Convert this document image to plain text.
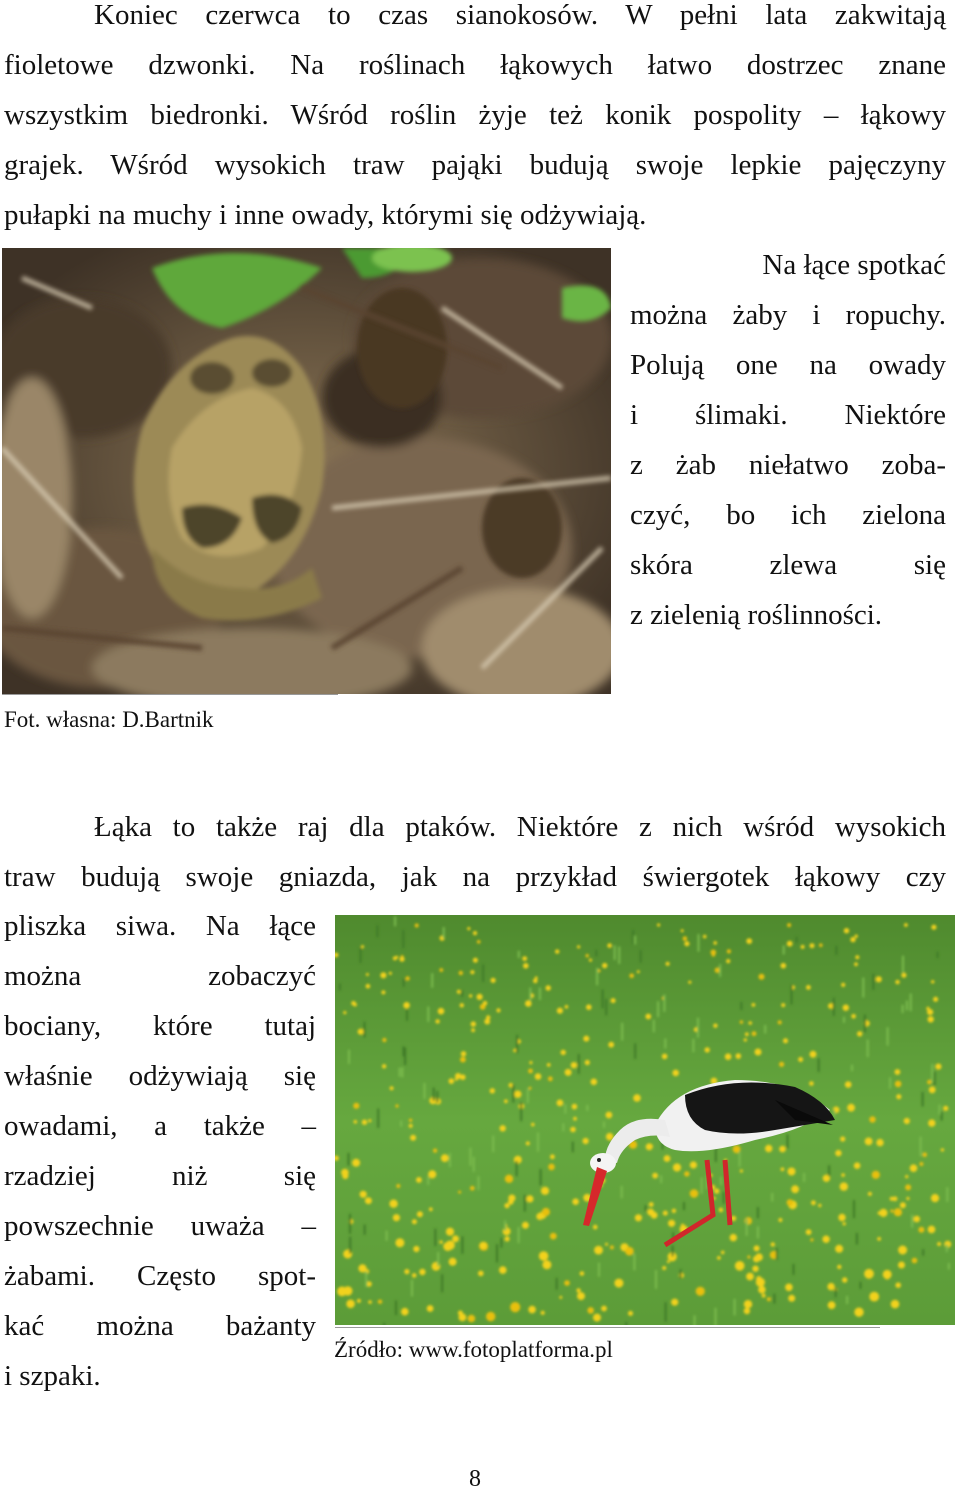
Koniec czerwca to czas sianokosów. W pełni lata zakwitają
fioletowe dzwonki. Na roślinach łąkowych łatwo dostrzec znane
wszystkim biedronki. Wśród roślin żyje też konik pospolity – łąkowy
grajek. Wśród wysokich traw pająki budują swoje lepkie pajęczyny
pułapki na muchy i inne owady, którymi się odżywiają.
Na łące spotkać
można żaby i ropuchy.
Polują one na owady
i ślimaki. Niektóre
z żab niełatwo zoba-
czyć, bo ich zielona
skóra zlewa się
z zielenią roślinności.
Fot. własna: D.Bartnik
Łąka to także raj dla ptaków. Niektóre z nich wśród wysokich
traw budują swoje gniazda, jak na przykład świergotek łąkowy czy
pliszka siwa. Na łące
można zobaczyć
bociany, które tutaj
właśnie odżywiają się
owadami, a także –
rzadziej niż się
powszechnie uważa –
żabami. Często spot-
kać można bażanty
i szpaki.
Źródło: www.fotoplatforma.pl
8
